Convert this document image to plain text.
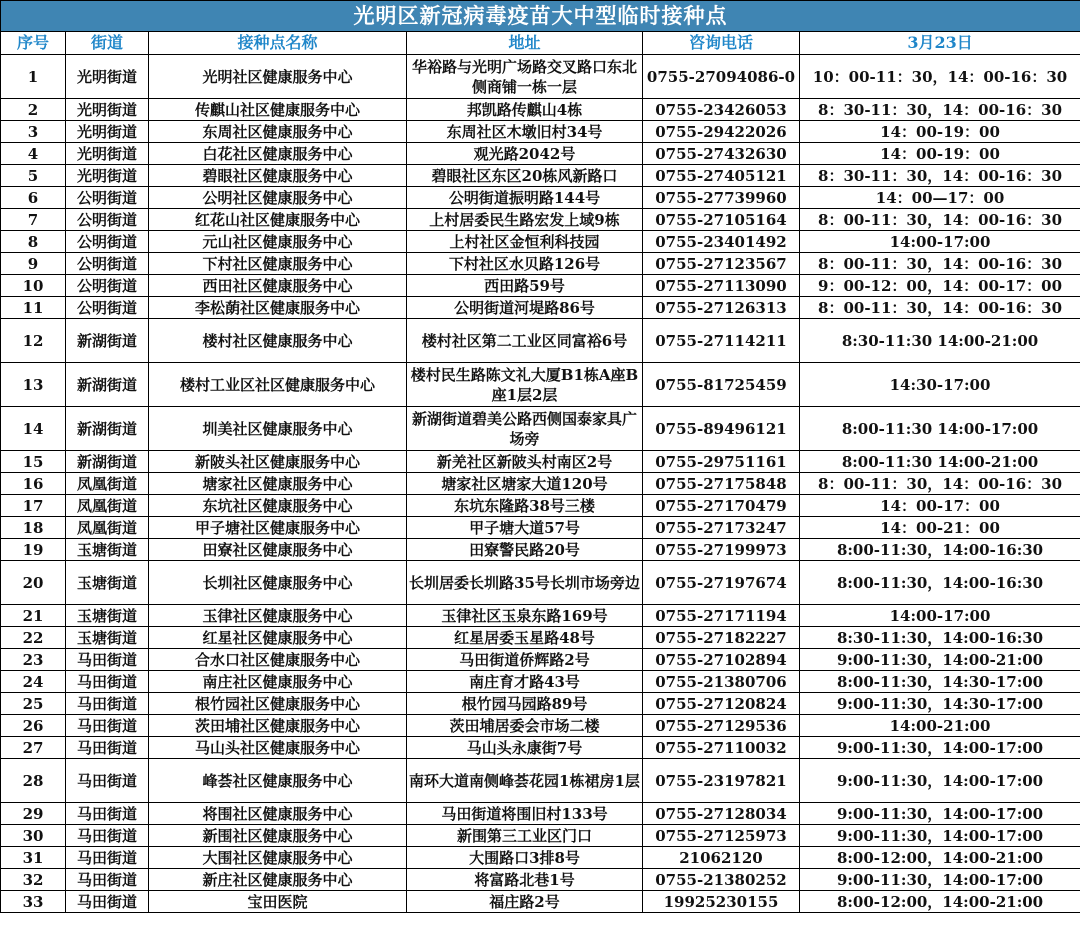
光明区新冠病毒疫苗大中型临时接种点					
序号	街道	接种点名称	地址	咨询电话	3月23日
1	光明街道	光明社区健康服务中心	华裕路与光明广场路交叉路口东北侧商铺一栋一层	0755-27094086-0	10：00-11：30，14：00-16：30
2	光明街道	传麒山社区健康服务中心	邦凯路传麒山4栋	0755-23426053	8：30-11：30，14：00-16：30
3	光明街道	东周社区健康服务中心	东周社区木墩旧村34号	0755-29422026	14：00-19：00
4	光明街道	白花社区健康服务中心	观光路2042号	0755-27432630	14：00-19：00
5	光明街道	碧眼社区健康服务中心	碧眼社区东区20栋风新路口	0755-27405121	8：30-11：30，14：00-16：30
6	公明街道	公明社区健康服务中心	公明街道振明路144号	0755-27739960	14：00—17：00
7	公明街道	红花山社区健康服务中心	上村居委民生路宏发上域9栋	0755-27105164	8：00-11：30，14：00-16：30
8	公明街道	元山社区健康服务中心	上村社区金恒利科技园	0755-23401492	14:00-17:00
9	公明街道	下村社区健康服务中心	下村社区水贝路126号	0755-27123567	8：00-11：30，14：00-16：30
10	公明街道	西田社区健康服务中心	西田路59号	0755-27113090	9：00-12：00，14：00-17：00
11	公明街道	李松蓢社区健康服务中心	公明街道河堤路86号	0755-27126313	8：00-11：30，14：00-16：30
12	新湖街道	楼村社区健康服务中心	楼村社区第二工业区同富裕6号	0755-27114211	8:30-11:30 14:00-21:00
13	新湖街道	楼村工业区社区健康服务中心	楼村民生路陈文礼大厦B1栋A座B座1层2层	0755-81725459	14:30-17:00
14	新湖街道	圳美社区健康服务中心	新湖街道碧美公路西侧国泰家具广场旁	0755-89496121	8:00-11:30 14:00-17:00
15	新湖街道	新陂头社区健康服务中心	新羌社区新陂头村南区2号	0755-29751161	8:00-11:30 14:00-21:00
16	凤凰街道	塘家社区健康服务中心	塘家社区塘家大道120号	0755-27175848	8：00-11：30，14：00-16：30
17	凤凰街道	东坑社区健康服务中心	东坑东隆路38号三楼	0755-27170479	14：00-17：00
18	凤凰街道	甲子塘社区健康服务中心	甲子塘大道57号	0755-27173247	14：00-21：00
19	玉塘街道	田寮社区健康服务中心	田寮警民路20号	0755-27199973	8:00-11:30，14:00-16:30
20	玉塘街道	长圳社区健康服务中心	长圳居委长圳路35号长圳市场旁边	0755-27197674	8:00-11:30，14:00-16:30
21	玉塘街道	玉律社区健康服务中心	玉律社区玉泉东路169号	0755-27171194	14:00-17:00
22	玉塘街道	红星社区健康服务中心	红星居委玉星路48号	0755-27182227	8:30-11:30，14:00-16:30
23	马田街道	合水口社区健康服务中心	马田街道侨辉路2号	0755-27102894	9:00-11:30，14:00-21:00
24	马田街道	南庄社区健康服务中心	南庄育才路43号	0755-21380706	8:00-11:30，14:30-17:00
25	马田街道	根竹园社区健康服务中心	根竹园马园路89号	0755-27120824	9:00-11:30，14:30-17:00
26	马田街道	茨田埔社区健康服务中心	茨田埔居委会市场二楼	0755-27129536	14:00-21:00
27	马田街道	马山头社区健康服务中心	马山头永康街7号	0755-27110032	9:00-11:30，14:00-17:00
28	马田街道	峰荟社区健康服务中心	南环大道南侧峰荟花园1栋裙房1层	0755-23197821	9:00-11:30，14:00-17:00
29	马田街道	将围社区健康服务中心	马田街道将围旧村133号	0755-27128034	9:00-11:30，14:00-17:00
30	马田街道	新围社区健康服务中心	新围第三工业区门口	0755-27125973	9:00-11:30，14:00-17:00
31	马田街道	大围社区健康服务中心	大围路口3排8号	21062120	8:00-12:00，14:00-21:00
32	马田街道	新庄社区健康服务中心	将富路北巷1号	0755-21380252	9:00-11:30，14:00-17:00
33	马田街道	宝田医院	福庄路2号	19925230155	8:00-12:00，14:00-21:00
